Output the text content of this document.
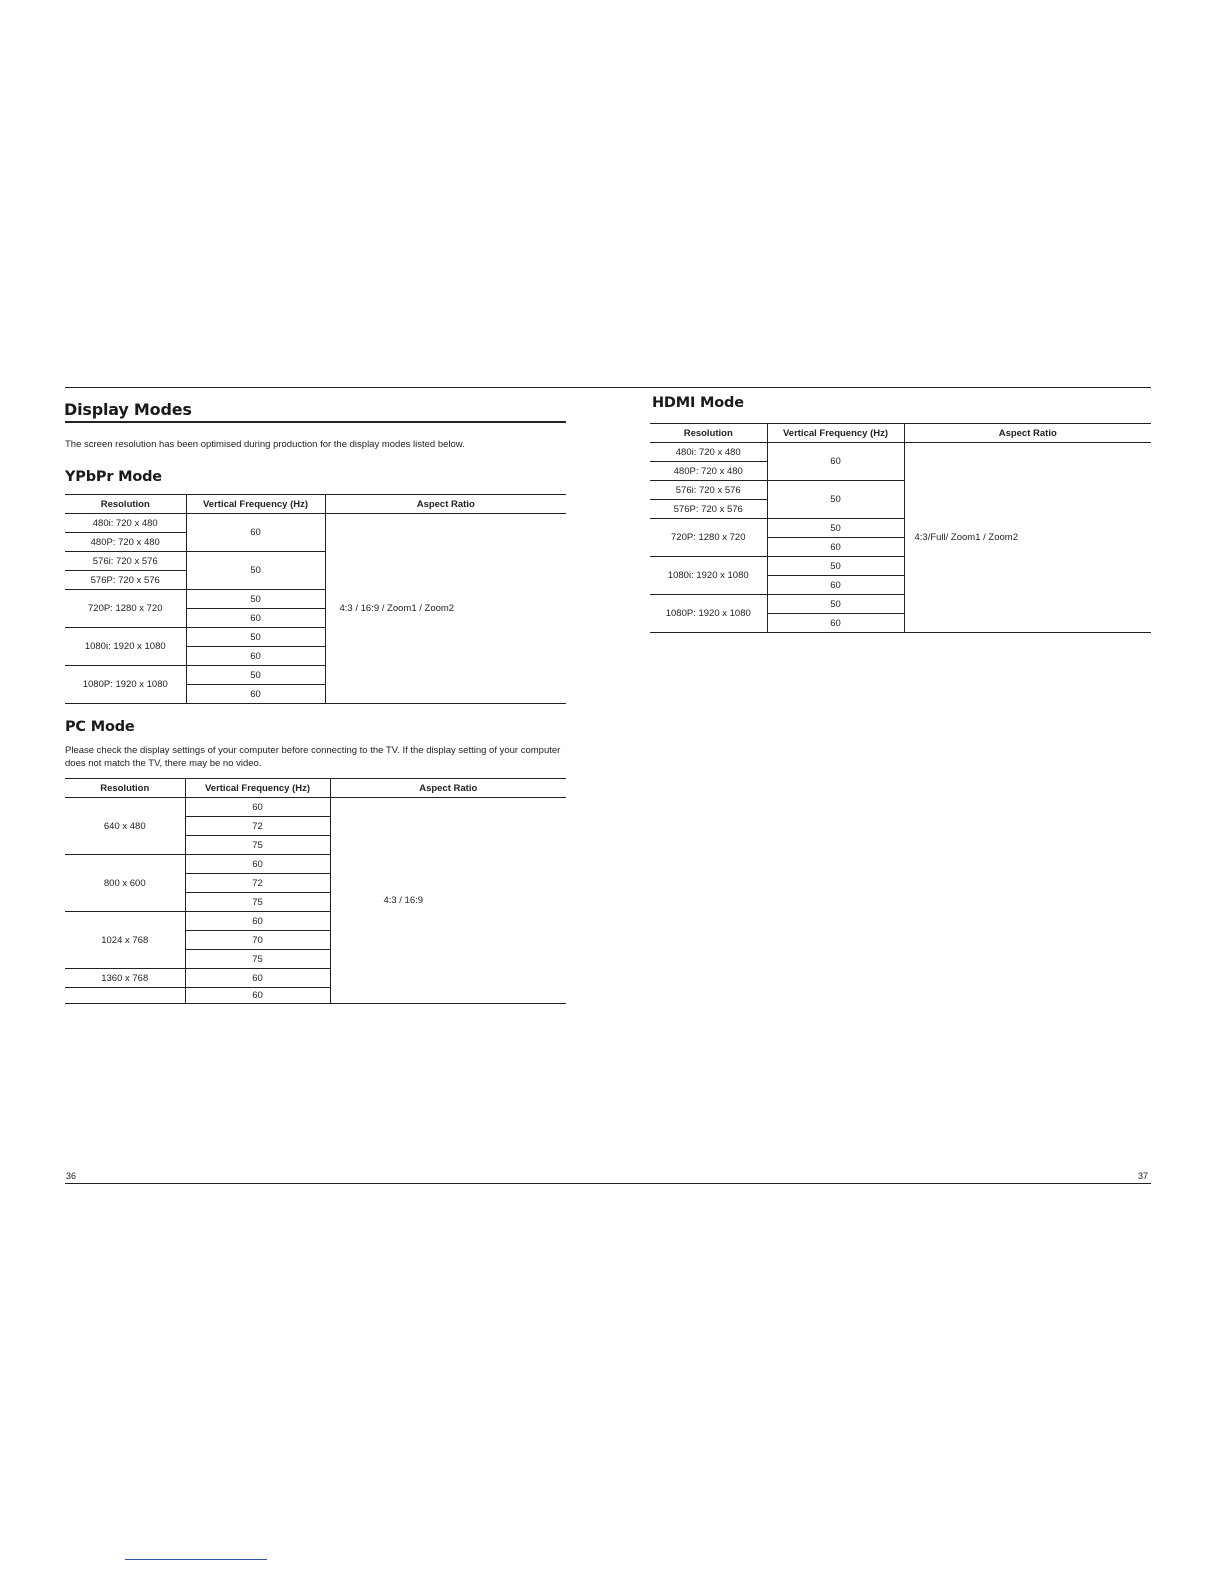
Display Modes
The screen resolution has been optimised during production for the display modes listed below.
YPbPr Mode
Resolution	Vertical Frequency (Hz)	Aspect Ratio
480i: 720 x 480	60	4:3 / 16:9 / Zoom1 / Zoom2
480P: 720 x 480		
576i: 720 x 576	50	
576P: 720 x 576		
720P: 1280 x 720	50	
	60	
1080i: 1920 x 1080	50	
	60	
1080P: 1920 x 1080	50	
	60	
PC Mode
Please check the display settings of your computer before connecting to the TV. If the display setting of your computer does not match the TV, there may be no video.
Resolution	Vertical Frequency (Hz)	Aspect Ratio
640 x 480	60	4:3 / 16:9
	72	
	75	
800 x 600	60	
	72	
	75	
1024 x 768	60	
	70	
	75	
1360 x 768	60	
	60	
HDMI Mode
Resolution	Vertical Frequency (Hz)	Aspect Ratio
480i: 720 x 480	60	4:3/Full/ Zoom1 / Zoom2
480P: 720 x 480		
576i: 720 x 576	50	
576P: 720 x 576		
720P: 1280 x 720	50	
	60	
1080i: 1920 x 1080	50	
	60	
1080P: 1920 x 1080	50	
	60	
36	37
